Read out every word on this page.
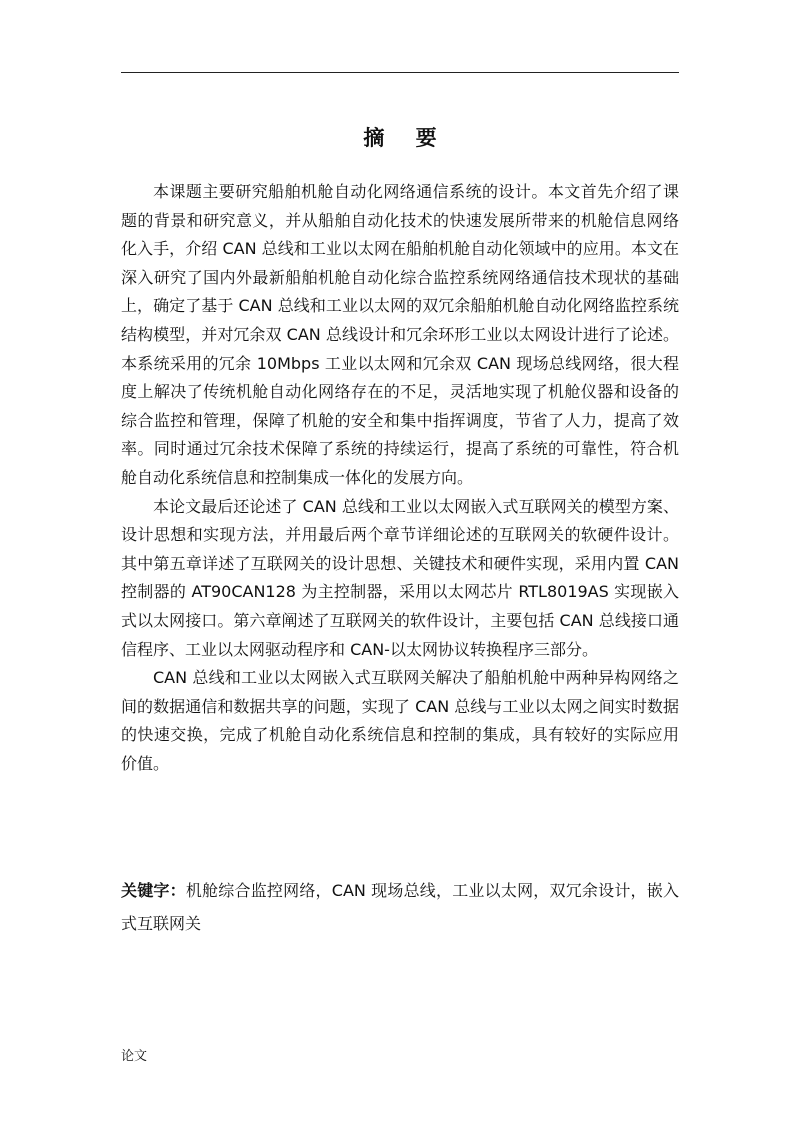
摘 要

本课题主要研究船舶机舱自动化网络通信系统的设计。本文首先介绍了课题的背景和研究意义，并从船舶自动化技术的快速发展所带来的机舱信息网络化入手，介绍 CAN 总线和工业以太网在船舶机舱自动化领域中的应用。本文在深入研究了国内外最新船舶机舱自动化综合监控系统网络通信技术现状的基础上，确定了基于 CAN 总线和工业以太网的双冗余船舶机舱自动化网络监控系统结构模型，并对冗余双 CAN 总线设计和冗余环形工业以太网设计进行了论述。本系统采用的冗余 10Mbps 工业以太网和冗余双 CAN 现场总线网络，很大程度上解决了传统机舱自动化网络存在的不足，灵活地实现了机舱仪器和设备的综合监控和管理，保障了机舱的安全和集中指挥调度，节省了人力，提高了效率。同时通过冗余技术保障了系统的持续运行，提高了系统的可靠性，符合机舱自动化系统信息和控制集成一体化的发展方向。

本论文最后还论述了 CAN 总线和工业以太网嵌入式互联网关的模型方案、设计思想和实现方法，并用最后两个章节详细论述的互联网关的软硬件设计。其中第五章详述了互联网关的设计思想、关键技术和硬件实现，采用内置 CAN 控制器的 AT90CAN128 为主控制器，采用以太网芯片 RTL8019AS 实现嵌入式以太网接口。第六章阐述了互联网关的软件设计，主要包括 CAN 总线接口通信程序、工业以太网驱动程序和 CAN-以太网协议转换程序三部分。

CAN 总线和工业以太网嵌入式互联网关解决了船舶机舱中两种异构网络之间的数据通信和数据共享的问题，实现了 CAN 总线与工业以太网之间实时数据的快速交换，完成了机舱自动化系统信息和控制的集成，具有较好的实际应用价值。

关键字：机舱综合监控网络，CAN 现场总线，工业以太网，双冗余设计，嵌入式互联网关

论文
